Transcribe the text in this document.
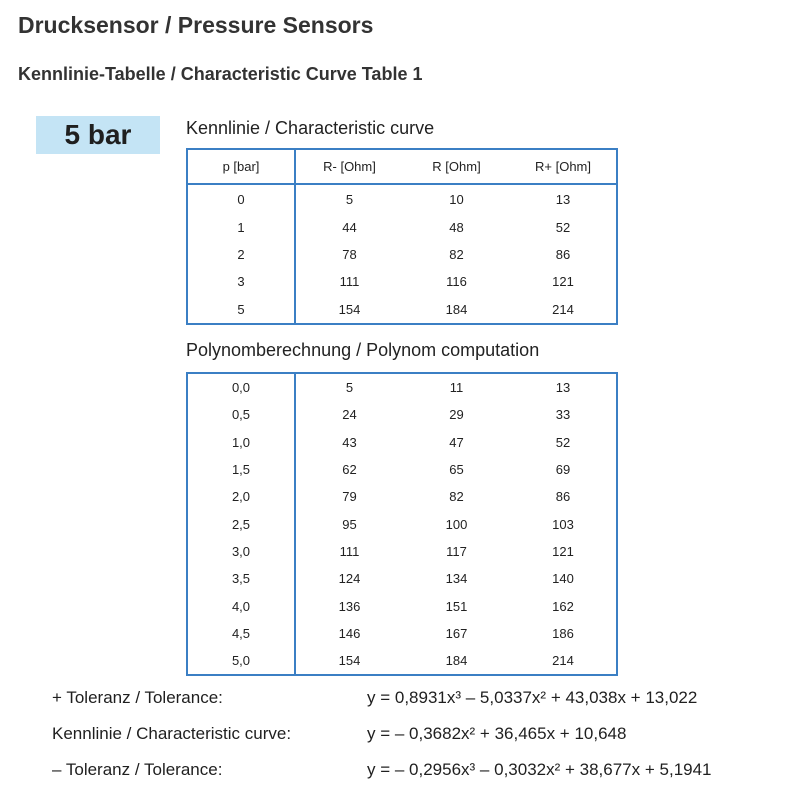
Drucksensor / Pressure Sensors
Kennlinie-Tabelle / Characteristic Curve Table 1
5 bar	Kennlinie / Characteristic curve
p [bar]	R- [Ohm]	R [Ohm]	R+ [Ohm]
0	5	10	13
1	44	48	52
2	78	82	86
3	111	116	121
5	154	184	214
Polynomberechnung / Polynom computation
0,0	5	11	13
0,5	24	29	33
1,0	43	47	52
1,5	62	65	69
2,0	79	82	86
2,5	95	100	103
3,0	111	117	121
3,5	124	134	140
4,0	136	151	162
4,5	146	167	186
5,0	154	184	214
+ Toleranz / Tolerance:	y = 0,8931x³ – 5,0337x² + 43,038x + 13,022
Kennlinie / Characteristic curve:	y = – 0,3682x² + 36,465x + 10,648
– Toleranz / Tolerance:	y = – 0,2956x³ – 0,3032x² + 38,677x + 5,1941
